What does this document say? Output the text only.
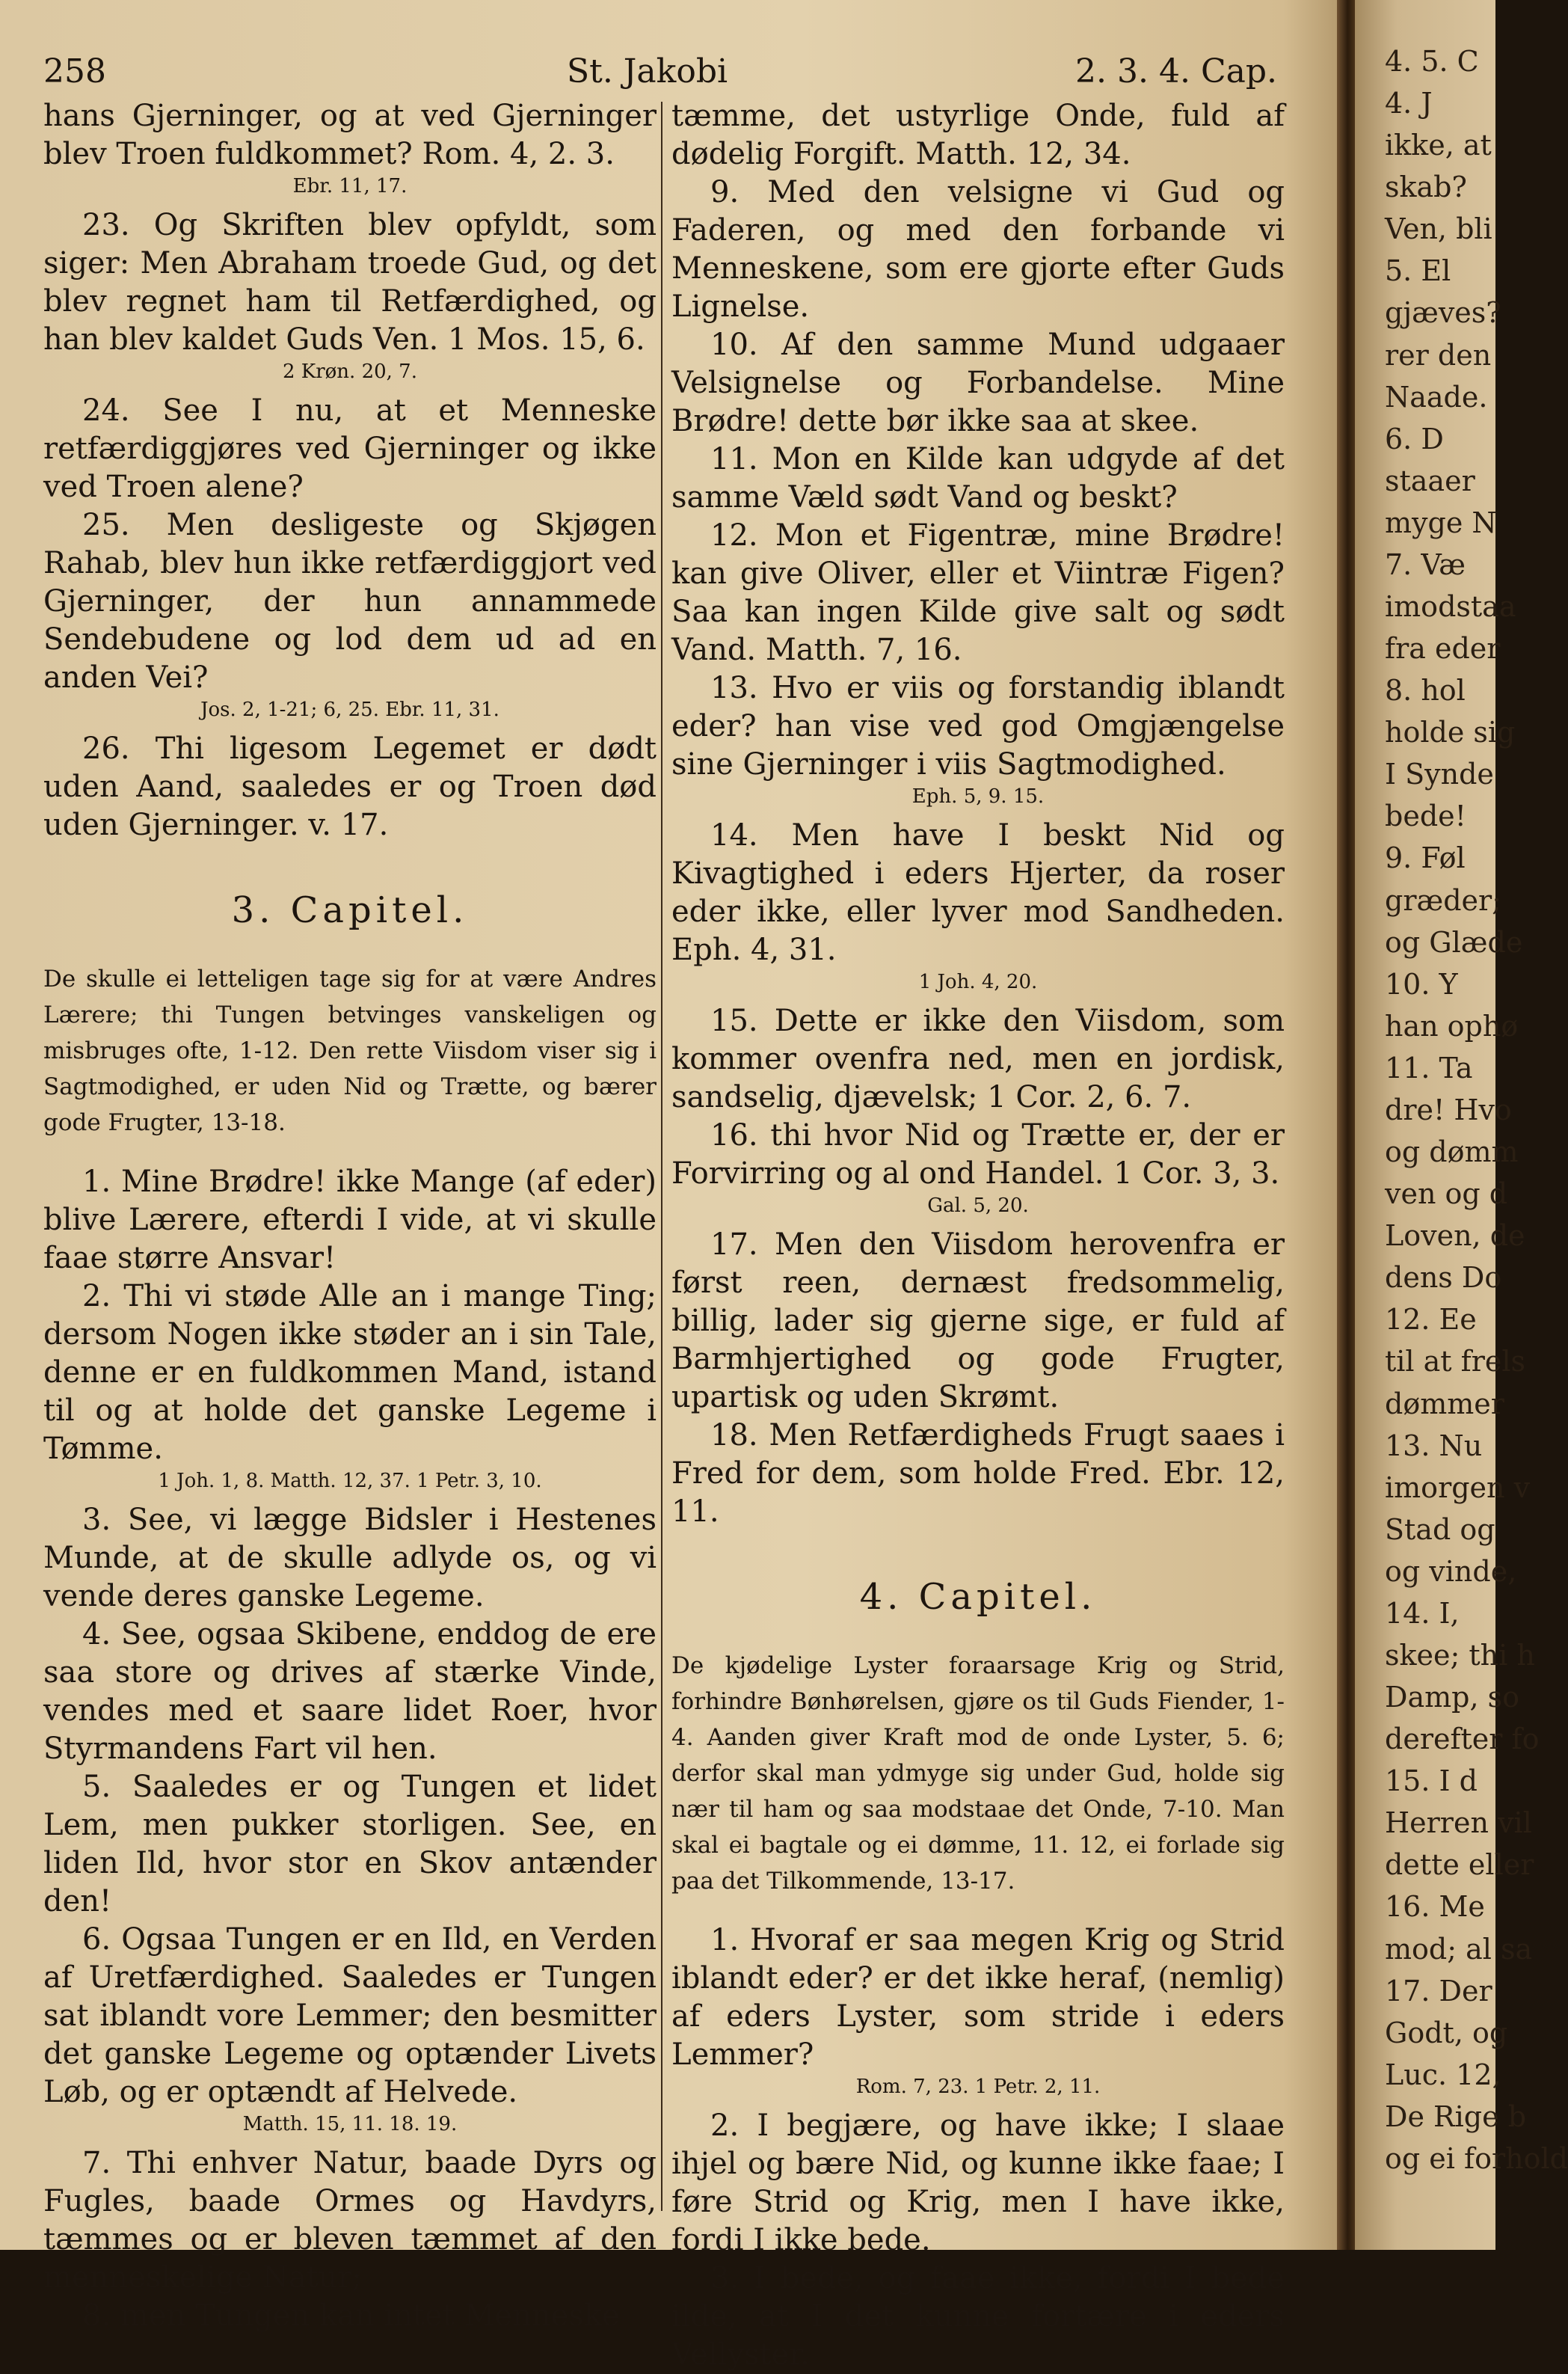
258	St. Jakobi	2. 3. 4. Cap.

hans Gjerninger, og at ved Gjerninger blev Troen fuldkommet? Rom. 4, 2. 3.

Ebr. 11, 17.

23. Og Skriften blev opfyldt, som siger: Men Abraham troede Gud, og det blev regnet ham til Retfærdighed, og han blev kaldet Guds Ven. 1 Mos. 15, 6.

2 Krøn. 20, 7.

24. See I nu, at et Menneske retfærdiggjøres ved Gjerninger og ikke ved Troen alene?

25. Men desligeste og Skjøgen Rahab, blev hun ikke retfærdiggjort ved Gjerninger, der hun annammede Sendebudene og lod dem ud ad en anden Vei?

Jos. 2, 1-21; 6, 25. Ebr. 11, 31.

26. Thi ligesom Legemet er dødt uden Aand, saaledes er og Troen død uden Gjerninger. v. 17.

3. Capitel.

De skulle ei letteligen tage sig for at være Andres Lærere; thi Tungen betvinges vanskeligen og misbruges ofte, 1-12. Den rette Viisdom viser sig i Sagtmodighed, er uden Nid og Trætte, og bærer gode Frugter, 13-18.

1. Mine Brødre! ikke Mange (af eder) blive Lærere, efterdi I vide, at vi skulle faae større Ansvar!

2. Thi vi støde Alle an i mange Ting; dersom Nogen ikke støder an i sin Tale, denne er en fuldkommen Mand, istand til og at holde det ganske Legeme i Tømme.

1 Joh. 1, 8. Matth. 12, 37. 1 Petr. 3, 10.

3. See, vi lægge Bidsler i Hestenes Munde, at de skulle adlyde os, og vi vende deres ganske Legeme.

4. See, ogsaa Skibene, enddog de ere saa store og drives af stærke Vinde, vendes med et saare lidet Roer, hvor Styrmandens Fart vil hen.

5. Saaledes er og Tungen et lidet Lem, men pukker storligen. See, en liden Ild, hvor stor en Skov antænder den!

6. Ogsaa Tungen er en Ild, en Verden af Uretfærdighed. Saaledes er Tungen sat iblandt vore Lemmer; den besmitter det ganske Legeme og optænder Livets Løb, og er optændt af Helvede.

Matth. 15, 11. 18. 19.

7. Thi enhver Natur, baade Dyrs og Fugles, baade Ormes og Havdyrs, tæmmes og er bleven tæmmet af den menneskelige Natur;

8. men Tungen kan intet Menneske

tæmme, det ustyrlige Onde, fuld af dødelig Forgift. Matth. 12, 34.

9. Med den velsigne vi Gud og Faderen, og med den forbande vi Menneskene, som ere gjorte efter Guds Lignelse.

10. Af den samme Mund udgaaer Velsignelse og Forbandelse. Mine Brødre! dette bør ikke saa at skee.

11. Mon en Kilde kan udgyde af det samme Væld sødt Vand og beskt?

12. Mon et Figentræ, mine Brødre! kan give Oliver, eller et Viintræ Figen? Saa kan ingen Kilde give salt og sødt Vand. Matth. 7, 16.

13. Hvo er viis og forstandig iblandt eder? han vise ved god Omgjængelse sine Gjerninger i viis Sagtmodighed.

Eph. 5, 9. 15.

14. Men have I beskt Nid og Kivagtighed i eders Hjerter, da roser eder ikke, eller lyver mod Sandheden. Eph. 4, 31.

1 Joh. 4, 20.

15. Dette er ikke den Viisdom, som kommer ovenfra ned, men en jordisk, sandselig, djævelsk; 1 Cor. 2, 6. 7.

16. thi hvor Nid og Trætte er, der er Forvirring og al ond Handel. 1 Cor. 3, 3.

Gal. 5, 20.

17. Men den Viisdom herovenfra er først reen, dernæst fredsommelig, billig, lader sig gjerne sige, er fuld af Barmhjertighed og gode Frugter, upartisk og uden Skrømt.

18. Men Retfærdigheds Frugt saaes i Fred for dem, som holde Fred. Ebr. 12, 11.

4. Capitel.

De kjødelige Lyster foraarsage Krig og Strid, forhindre Bønhørelsen, gjøre os til Guds Fiender, 1-4. Aanden giver Kraft mod de onde Lyster, 5. 6; derfor skal man ydmyge sig under Gud, holde sig nær til ham og saa modstaae det Onde, 7-10. Man skal ei bagtale og ei dømme, 11. 12, ei forlade sig paa det Tilkommende, 13-17.

1. Hvoraf er saa megen Krig og Strid iblandt eder? er det ikke heraf, (nemlig) af eders Lyster, som stride i eders Lemmer?

Rom. 7, 23. 1 Petr. 2, 11.

2. I begjære, og have ikke; I slaae ihjel og bære Nid, og kunne ikke faae; I føre Strid og Krig, men I have ikke, fordi I ikke bede.

3. I bede, og faae ikke, fordi I bede ilde, at I det kunne fortære i eders Vellyster.

4. 5. C
4. J
ikke, at
skab?
Ven, bli
5. El
gjæves?
rer den
Naade.
6. D
staaer
myge N
7. Væ
imodstaa
fra eder
8. hol
holde sig
I Synde
bede!
9. Føl
græder;
og Glæde
10. Y
han ophø
11. Ta
dre! Hvo
og dømm
ven og d
Loven, de
dens Do
12. Ee
til at frels
dømmer
13. Nu
imorgen v
Stad og
og vinde,
14. I,
skee; thi h
Damp, so
derefter fo
15. I d
Herren vil
dette eller
16. Me
mod; al sa
17. Der
Godt, og
Luc. 12,
De Rige b
og ei forhold
